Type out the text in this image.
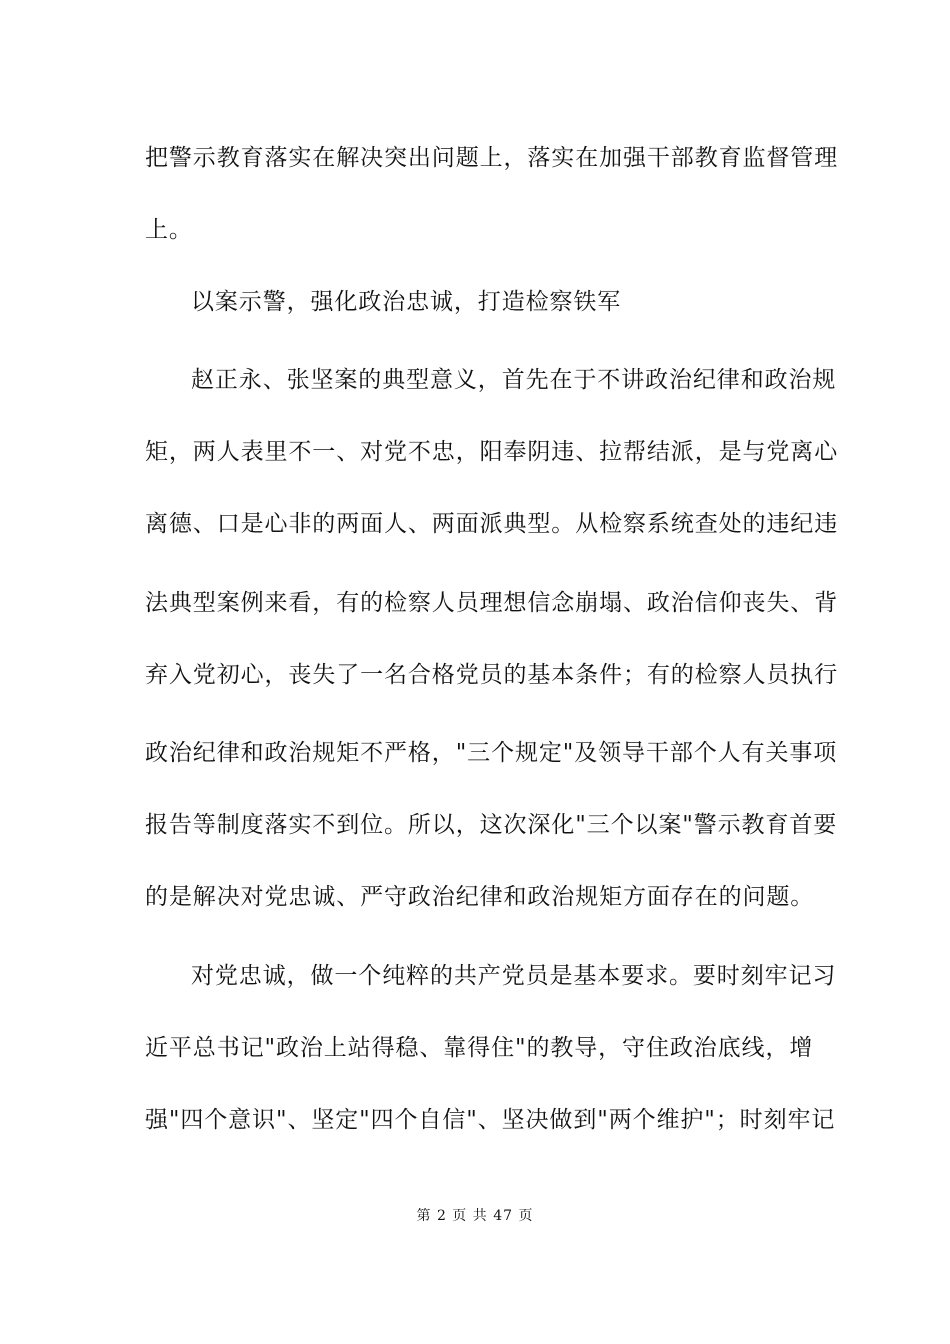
把警示教育落实在解决突出问题上，落实在加强干部教育监督管理
上。
以案示警，强化政治忠诚，打造检察铁军
赵正永、张坚案的典型意义，首先在于不讲政治纪律和政治规
矩，两人表里不一、对党不忠，阳奉阴违、拉帮结派，是与党离心
离德、口是心非的两面人、两面派典型。从检察系统查处的违纪违
法典型案例来看，有的检察人员理想信念崩塌、政治信仰丧失、背
弃入党初心，丧失了一名合格党员的基本条件；有的检察人员执行
政治纪律和政治规矩不严格，"三个规定"及领导干部个人有关事项
报告等制度落实不到位。所以，这次深化"三个以案"警示教育首要
的是解决对党忠诚、严守政治纪律和政治规矩方面存在的问题。
对党忠诚，做一个纯粹的共产党员是基本要求。要时刻牢记习
近平总书记"政治上站得稳、靠得住"的教导，守住政治底线，增
强"四个意识"、坚定"四个自信"、坚决做到"两个维护"；时刻牢记
第 2 页 共 47 页
